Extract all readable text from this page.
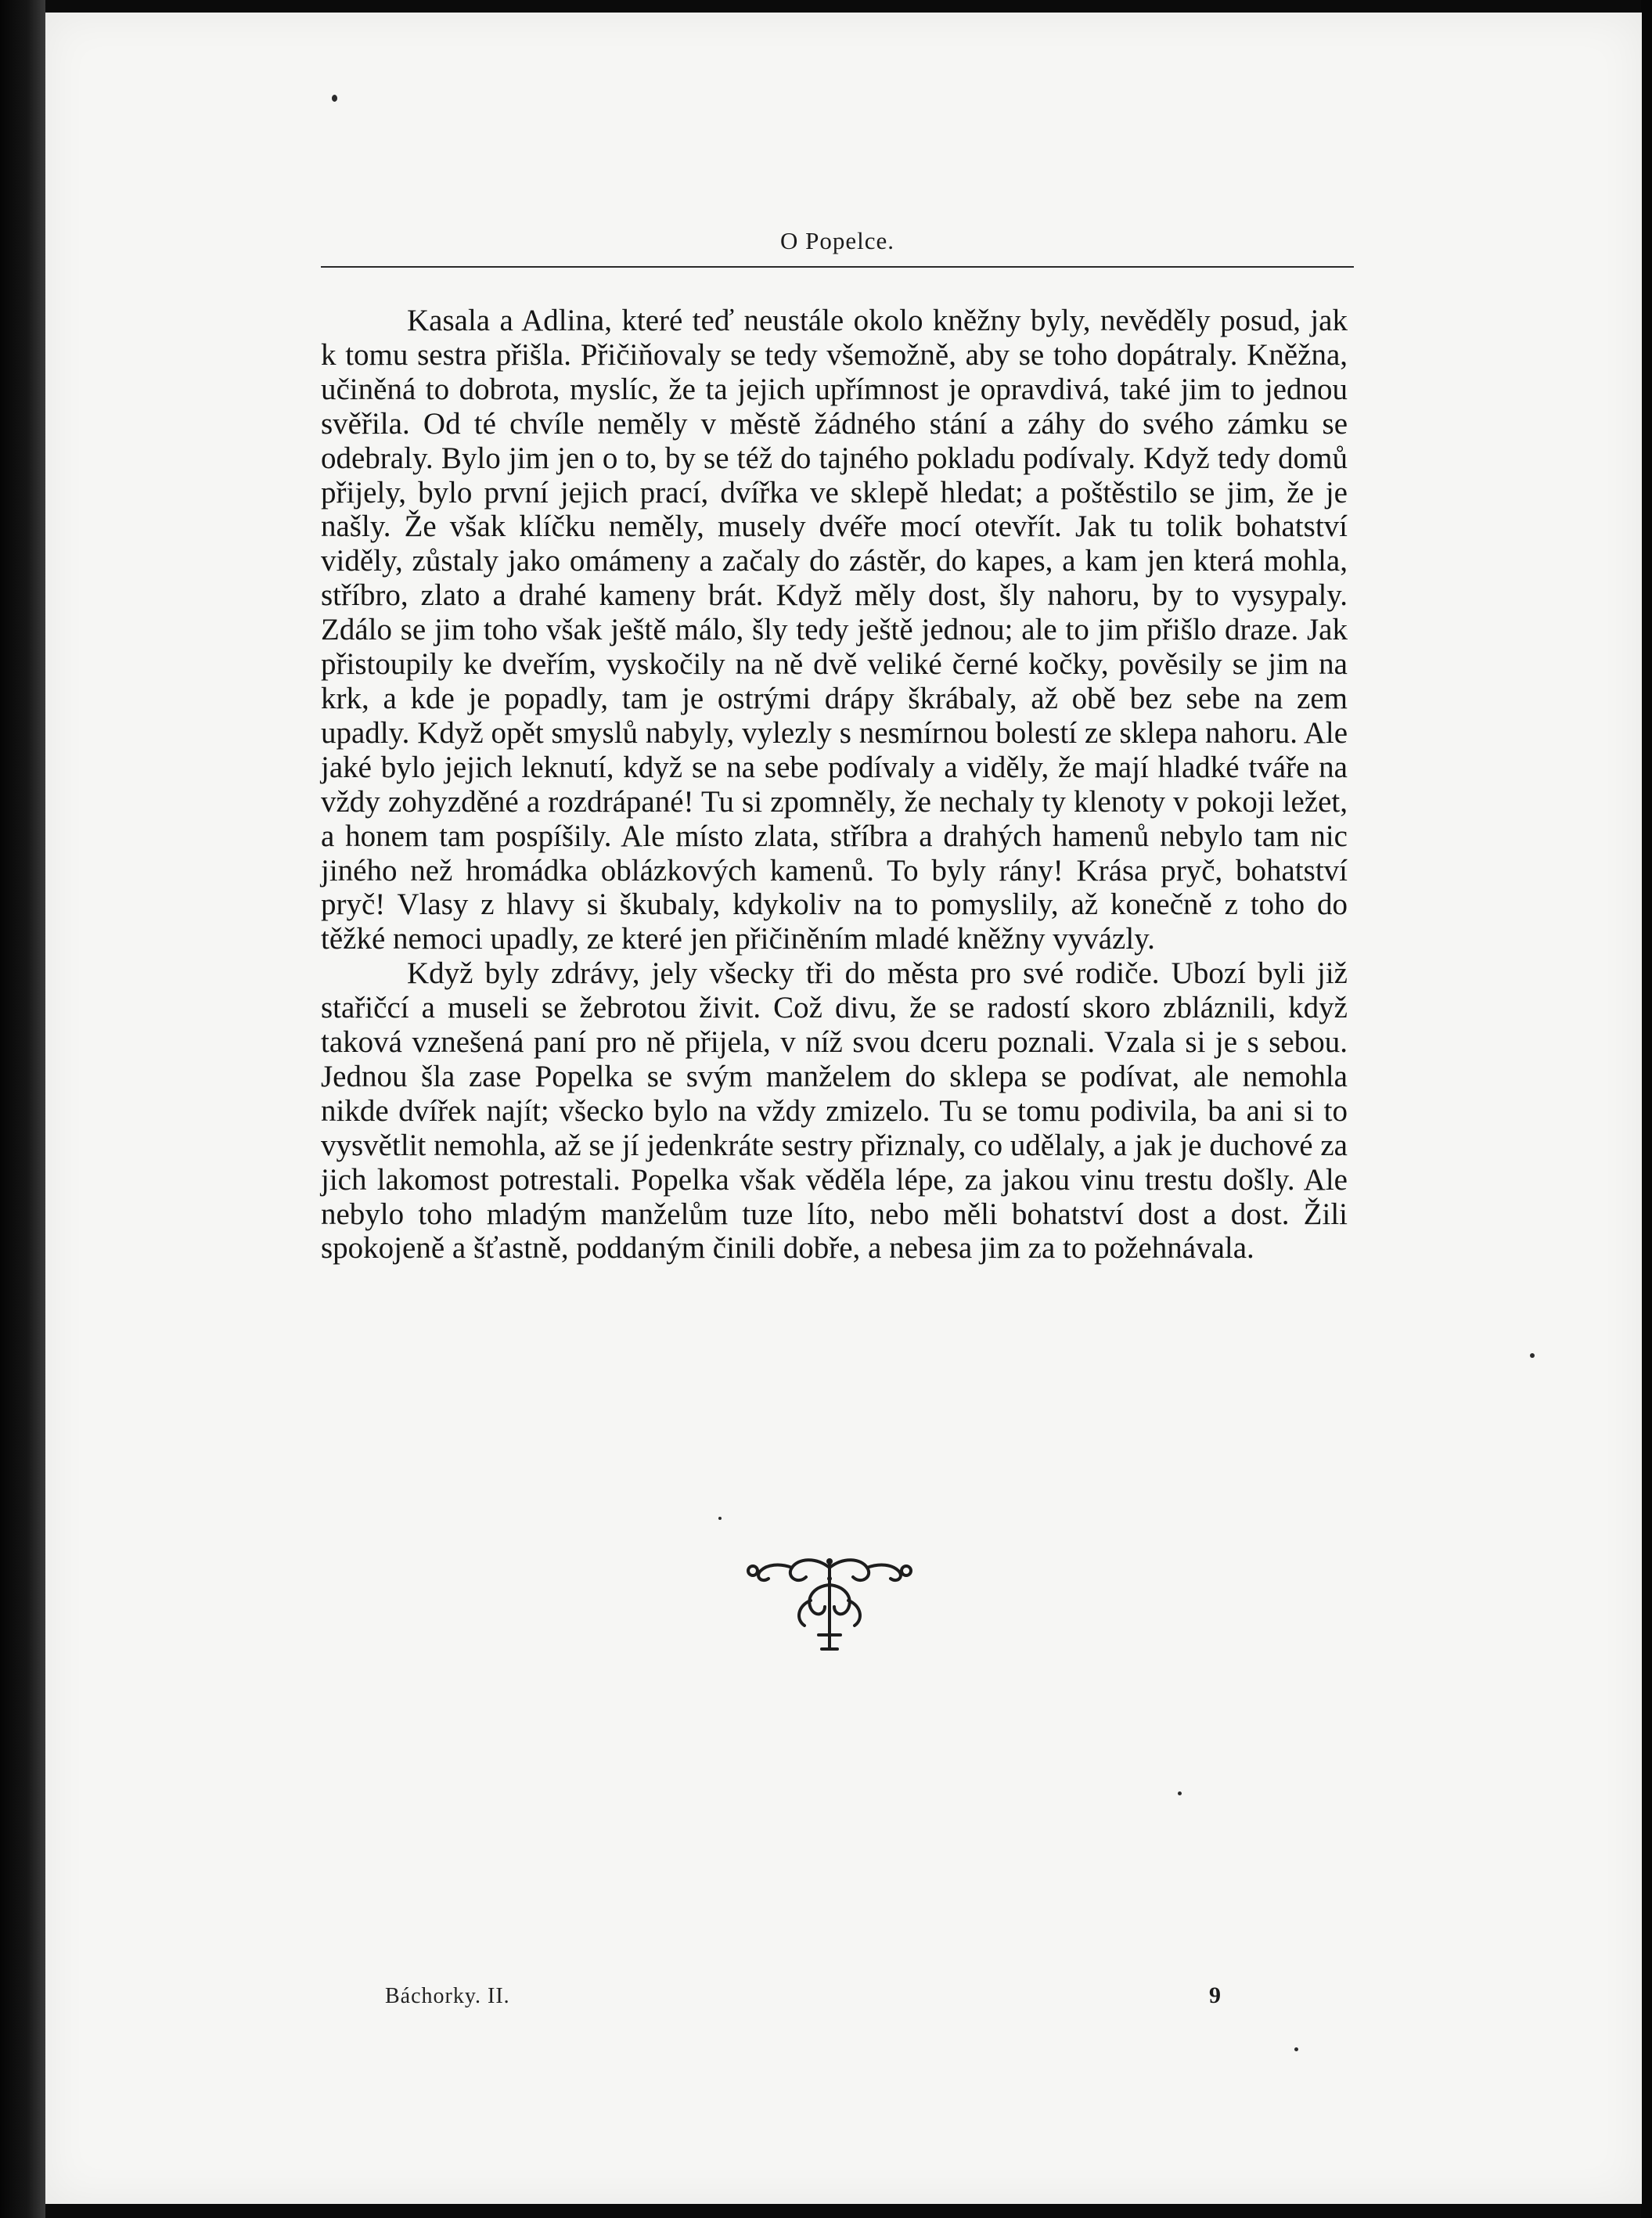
O Popelce.

Kasala a Adlina, které teď neustále okolo kněžny byly, nevěděly posud, jak k tomu sestra přišla. Přičiňovaly se tedy všemožně, aby se toho dopátraly. Kněžna, učiněná to dobrota, myslíc, že ta jejich upřímnost je opravdivá, také jim to jednou svěřila. Od té chvíle neměly v městě žádného stání a záhy do svého zámku se odebraly. Bylo jim jen o to, by se též do tajného pokladu podívaly. Když tedy domů přijely, bylo první jejich prací, dvířka ve sklepě hledat; a poštěstilo se jim, že je našly. Že však klíčku neměly, musely dvéře mocí otevřít. Jak tu tolik bohatství viděly, zůstaly jako omámeny a začaly do zástěr, do kapes, a kam jen která mohla, stříbro, zlato a drahé kameny brát. Když měly dost, šly nahoru, by to vysypaly. Zdálo se jim toho však ještě málo, šly tedy ještě jednou; ale to jim přišlo draze. Jak přistoupily ke dveřím, vyskočily na ně dvě veliké černé kočky, pověsily se jim na krk, a kde je popadly, tam je ostrými drápy škrábaly, až obě bez sebe na zem upadly. Když opět smyslů nabyly, vylezly s nesmírnou bolestí ze sklepa nahoru. Ale jaké bylo jejich leknutí, když se na sebe podívaly a viděly, že mají hladké tváře na vždy zohyzděné a rozdrápané! Tu si zpomněly, že nechaly ty klenoty v pokoji ležet, a honem tam pospíšily. Ale místo zlata, stříbra a drahých hamenů nebylo tam nic jiného než hromádka oblázkových kamenů. To byly rány! Krása pryč, bohatství pryč! Vlasy z hlavy si škubaly, kdykoliv na to pomyslily, až konečně z toho do těžké nemoci upadly, ze které jen přičiněním mladé kněžny vyvázly.

Když byly zdrávy, jely všecky tři do města pro své rodiče. Ubozí byli již stařičcí a museli se žebrotou živit. Což divu, že se radostí skoro zbláznili, když taková vznešená paní pro ně přijela, v níž svou dceru poznali. Vzala si je s sebou. Jednou šla zase Popelka se svým manželem do sklepa se podívat, ale nemohla nikde dvířek najít; všecko bylo na vždy zmizelo. Tu se tomu podivila, ba ani si to vysvětlit nemohla, až se jí jedenkráte sestry přiznaly, co udělaly, a jak je duchové za jich lakomost potrestali. Popelka však věděla lépe, za jakou vinu trestu došly. Ale nebylo toho mladým manželům tuze líto, nebo měli bohatství dost a dost. Žili spokojeně a šťastně, poddaným činili dobře, a nebesa jim za to požehnávala.

Báchorky. II.	9
